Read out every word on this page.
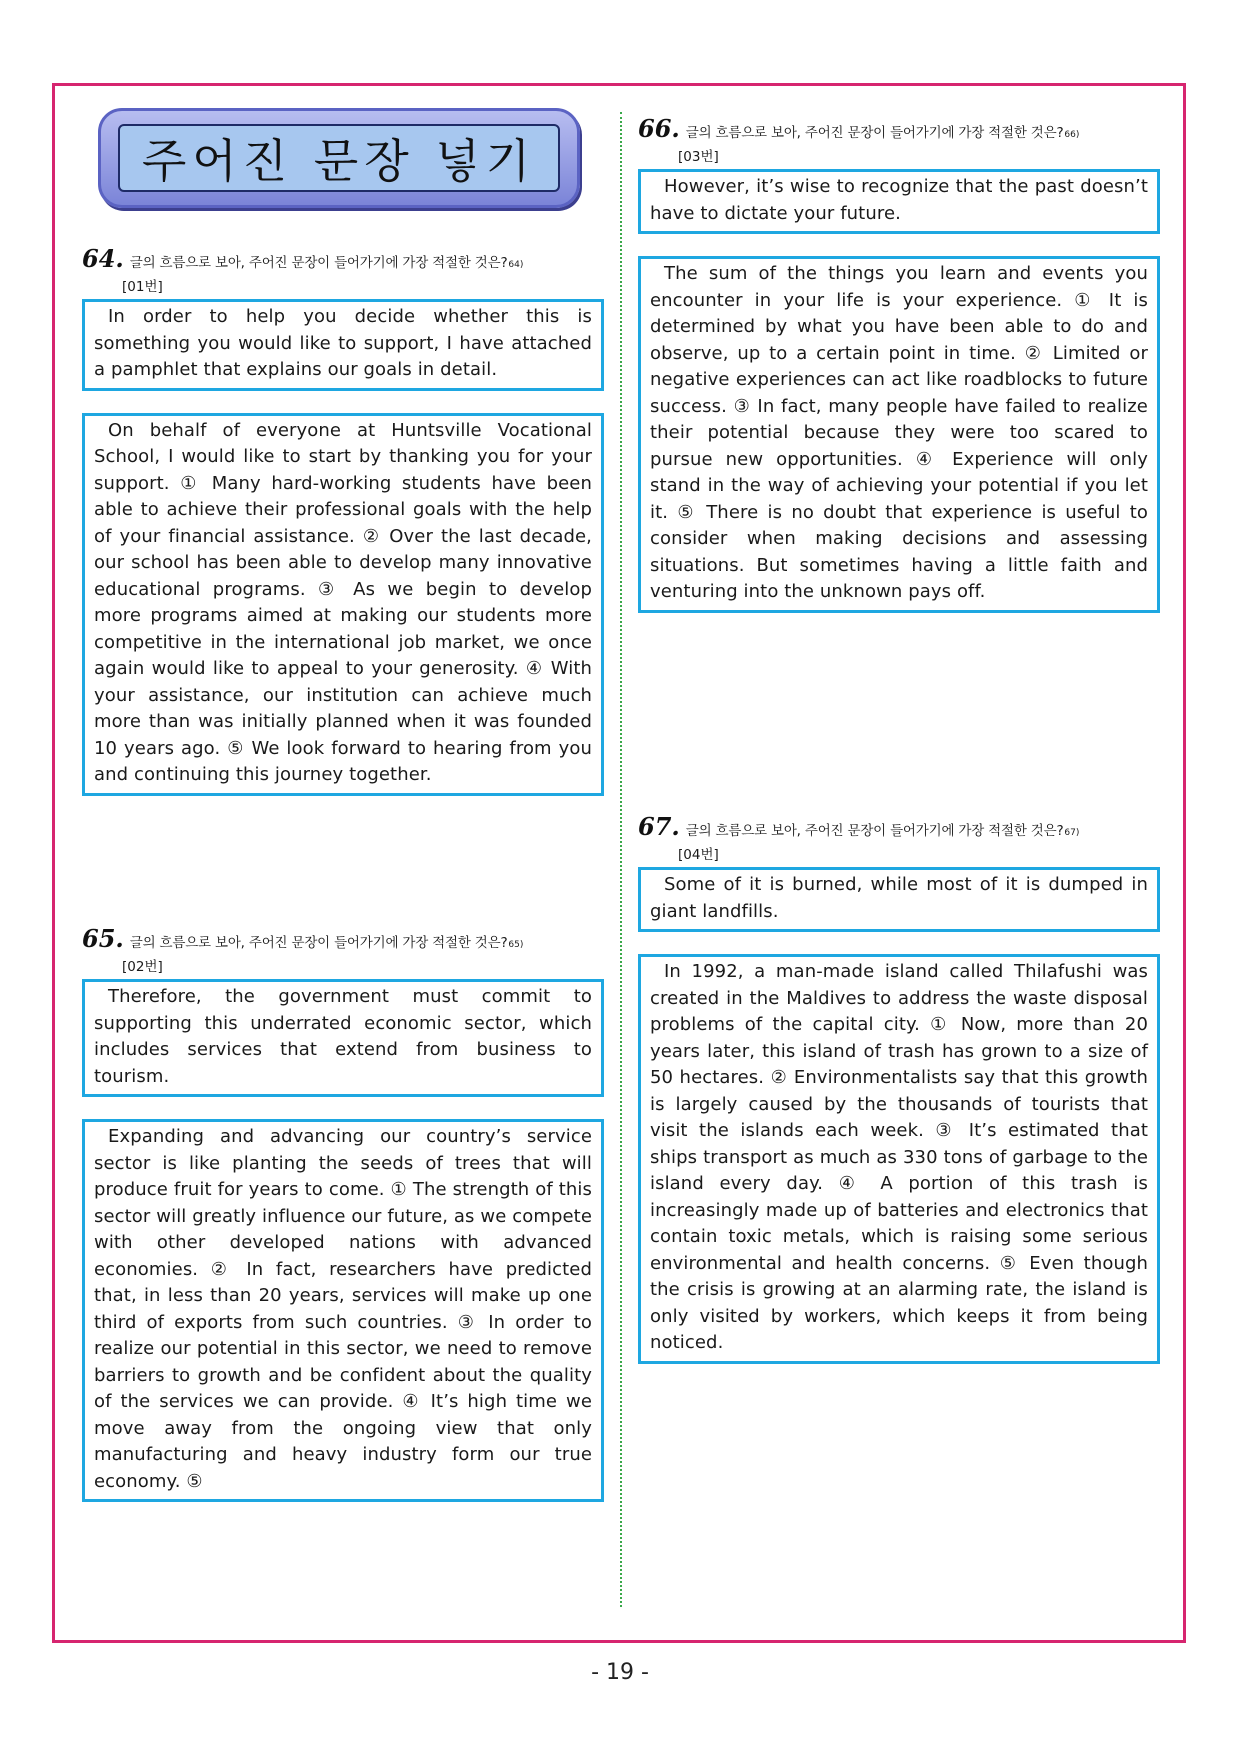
주어진 문장 넣기
64. 글의 흐름으로 보아, 주어진 문장이 들어가기에 가장 적절한 것은? 64)
[01번]
In order to help you decide whether this is something you would like to support, I have attached a pamphlet that explains our goals in detail.
On behalf of everyone at Huntsville Vocational School, I would like to start by thanking you for your support. ① Many hard-working students have been able to achieve their professional goals with the help of your financial assistance. ② Over the last decade, our school has been able to develop many innovative educational programs. ③ As we begin to develop more programs aimed at making our students more competitive in the international job market, we once again would like to appeal to your generosity. ④ With your assistance, our institution can achieve much more than was initially planned when it was founded 10 years ago. ⑤ We look forward to hearing from you and continuing this journey together.
65. 글의 흐름으로 보아, 주어진 문장이 들어가기에 가장 적절한 것은? 65)
[02번]
Therefore, the government must commit to supporting this underrated economic sector, which includes services that extend from business to tourism.
Expanding and advancing our country’s service sector is like planting the seeds of trees that will produce fruit for years to come. ① The strength of this sector will greatly influence our future, as we compete with other developed nations with advanced economies. ② In fact, researchers have predicted that, in less than 20 years, services will make up one third of exports from such countries. ③ In order to realize our potential in this sector, we need to remove barriers to growth and be confident about the quality of the services we can provide. ④ It’s high time we move away from the ongoing view that only manufacturing and heavy industry form our true economy. ⑤
66. 글의 흐름으로 보아, 주어진 문장이 들어가기에 가장 적절한 것은? 66)
[03번]
However, it’s wise to recognize that the past doesn’t have to dictate your future.
The sum of the things you learn and events you encounter in your life is your experience. ① It is determined by what you have been able to do and observe, up to a certain point in time. ② Limited or negative experiences can act like roadblocks to future success. ③ In fact, many people have failed to realize their potential because they were too scared to pursue new opportunities. ④ Experience will only stand in the way of achieving your potential if you let it. ⑤ There is no doubt that experience is useful to consider when making decisions and assessing situations. But sometimes having a little faith and venturing into the unknown pays off.
67. 글의 흐름으로 보아, 주어진 문장이 들어가기에 가장 적절한 것은? 67)
[04번]
Some of it is burned, while most of it is dumped in giant landfills.
In 1992, a man-made island called Thilafushi was created in the Maldives to address the waste disposal problems of the capital city. ① Now, more than 20 years later, this island of trash has grown to a size of 50 hectares. ② Environmentalists say that this growth is largely caused by the thousands of tourists that visit the islands each week. ③ It’s estimated that ships transport as much as 330 tons of garbage to the island every day. ④ A portion of this trash is increasingly made up of batteries and electronics that contain toxic metals, which is raising some serious environmental and health concerns. ⑤ Even though the crisis is growing at an alarming rate, the island is only visited by workers, which keeps it from being noticed.
- 19 -
